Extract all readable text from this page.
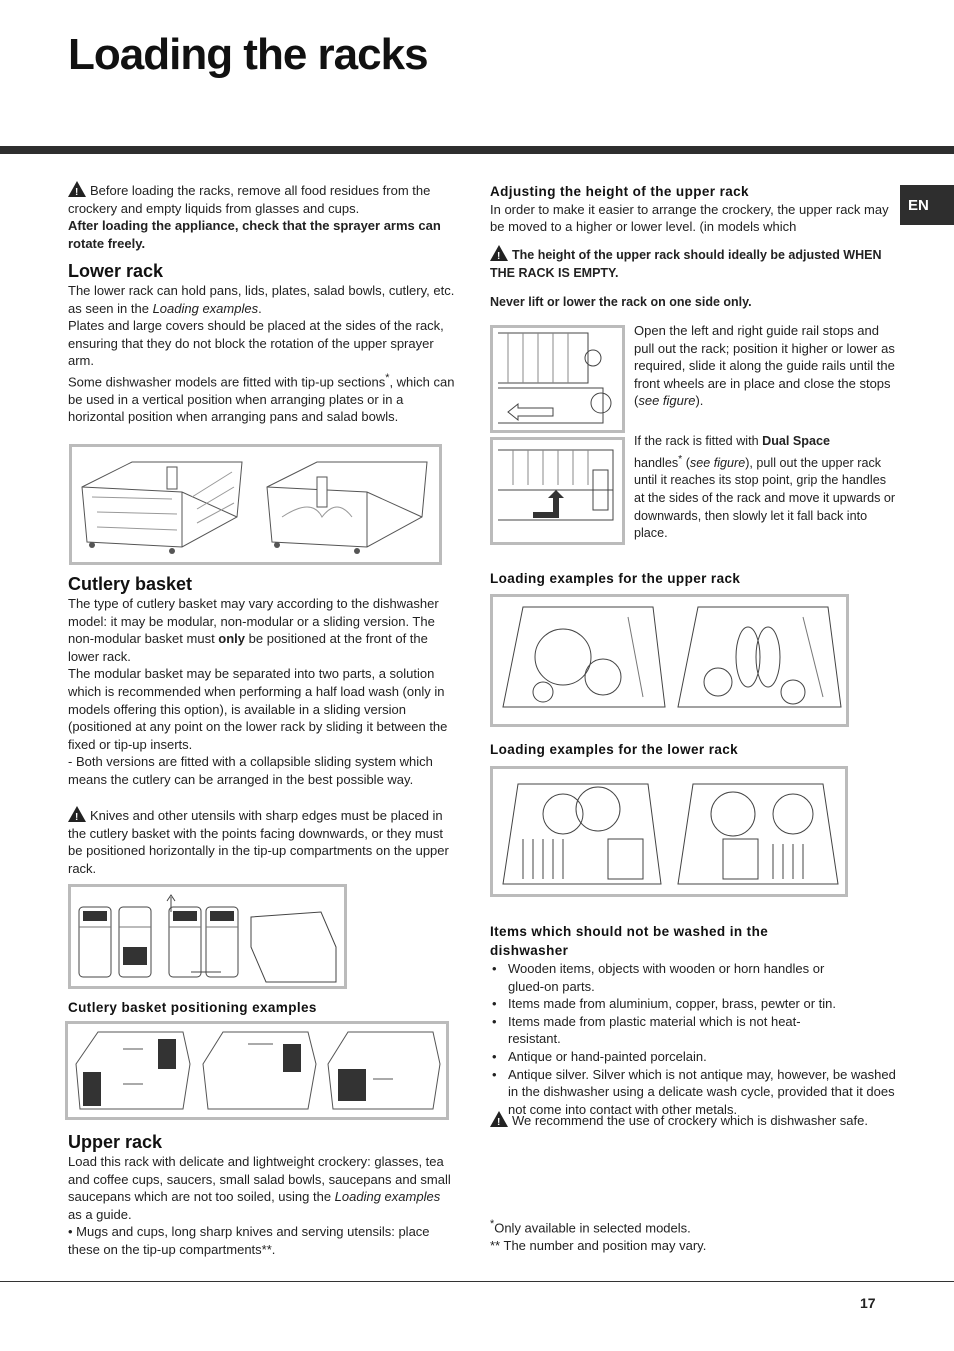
Loading the racks
EN

!Before loading the racks, remove all food residues from the crockery and empty liquids from glasses and cups.
After loading the appliance, check that the sprayer arms can rotate freely.

Lower rack

The lower rack can hold pans, lids, plates, salad bowls, cutlery, etc. as seen in the Loading examples.

Plates and large covers should be placed at the sides of the rack, ensuring that they do not block the rotation of the upper sprayer arm.

Some dishwasher models are fitted with tip-up sections*, which can be used in a vertical position when arranging plates or in a horizontal position when arranging pans and salad bowls.

Cutlery basket

The type of cutlery basket may vary according to the dishwasher model: it may be modular, non-modular or a sliding version. The non-modular basket must only be positioned at the front of the lower rack.

The modular basket may be separated into two parts, a solution which is recommended when performing a half load wash (only in models offering this option), is available in a sliding version (positioned at any point on the lower rack by sliding it between the fixed or tip-up inserts.

- Both versions are fitted with a collapsible sliding system which means the cutlery can be arranged in the best possible way.

!Knives and other utensils with sharp edges must be placed in the cutlery basket with the points facing downwards, or they must be positioned horizontally in the tip-up compartments on the upper rack.

Cutlery basket positioning examples
Upper rack

Load this rack with delicate and lightweight crockery: glasses, tea and coffee cups, saucers, small salad bowls, saucepans and small saucepans which are not too soiled, using the Loading examples as a guide.

• Mugs and cups, long sharp knives and serving utensils: place these on the tip-up compartments**.

Adjusting the height of the upper rack

In order to make it easier to arrange the crockery, the upper rack may be moved to a higher or lower level. (in models which

!The height of the upper rack should ideally be adjusted WHEN THE RACK IS EMPTY.

Never lift or lower the rack on one side only.

Open the left and right guide rail stops and pull out the rack; position it higher or lower as required, slide it along the guide rails until the front wheels are in place and close the stops (see figure).

If the rack is fitted with Dual Space
handles* (see figure), pull out the upper rack until it reaches its stop point, grip the handles at the sides of the rack and move it upwards or downwards, then slowly let it fall back into place.

Loading examples for the upper rack
Loading examples for the lower rack
Items which should not be washed in the dishwasher
• Wooden items, objects with wooden or horn handles or glued-on parts.
• Items made from aluminium, copper, brass, pewter or tin.
• Items made from plastic material which is not heat-resistant.
• Antique or hand-painted porcelain.
• Antique silver. Silver which is not antique may, however, be washed in the dishwasher using a delicate wash cycle, provided that it does not come into contact with other metals.

!We recommend the use of crockery which is dishwasher safe.

*Only available in selected models.

** The number and position may vary.

17
